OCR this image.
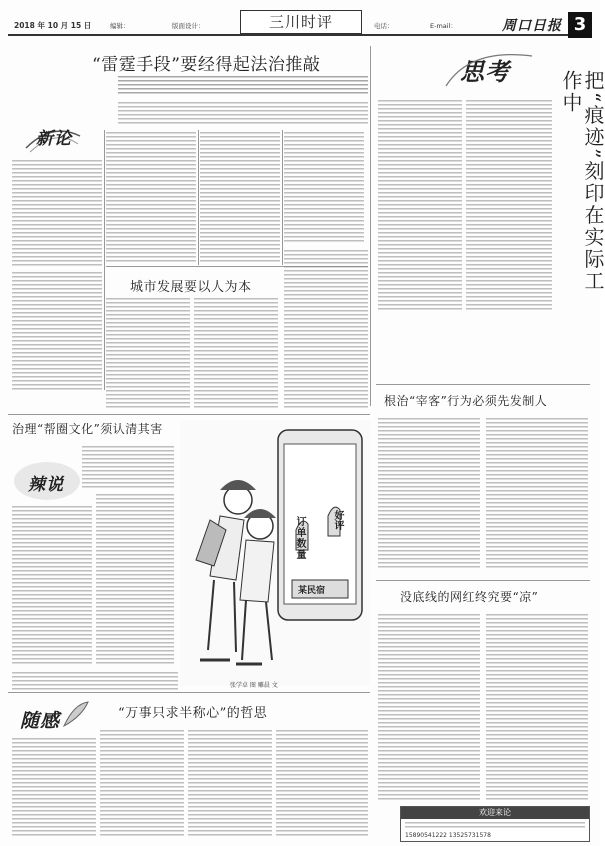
2018 年 10 月 15 日	编辑：	版面设计：	三川时评	电话：	E-mail：	周口日报 3
“雷霆手段”要经得起法治推敲
新论
城市发展要以人为本
治理“帮圈文化”须认清其害
辣说
订单数量	好评
某民宿
张学卓 图 雕晨 文
随感	“万事只求半称心”的哲思
思考	把“痕迹”刻印在实际工作中
根治“宰客”行为必须先发制人
没底线的网红终究要“凉”
欢迎来论
15890541222 13525731578
